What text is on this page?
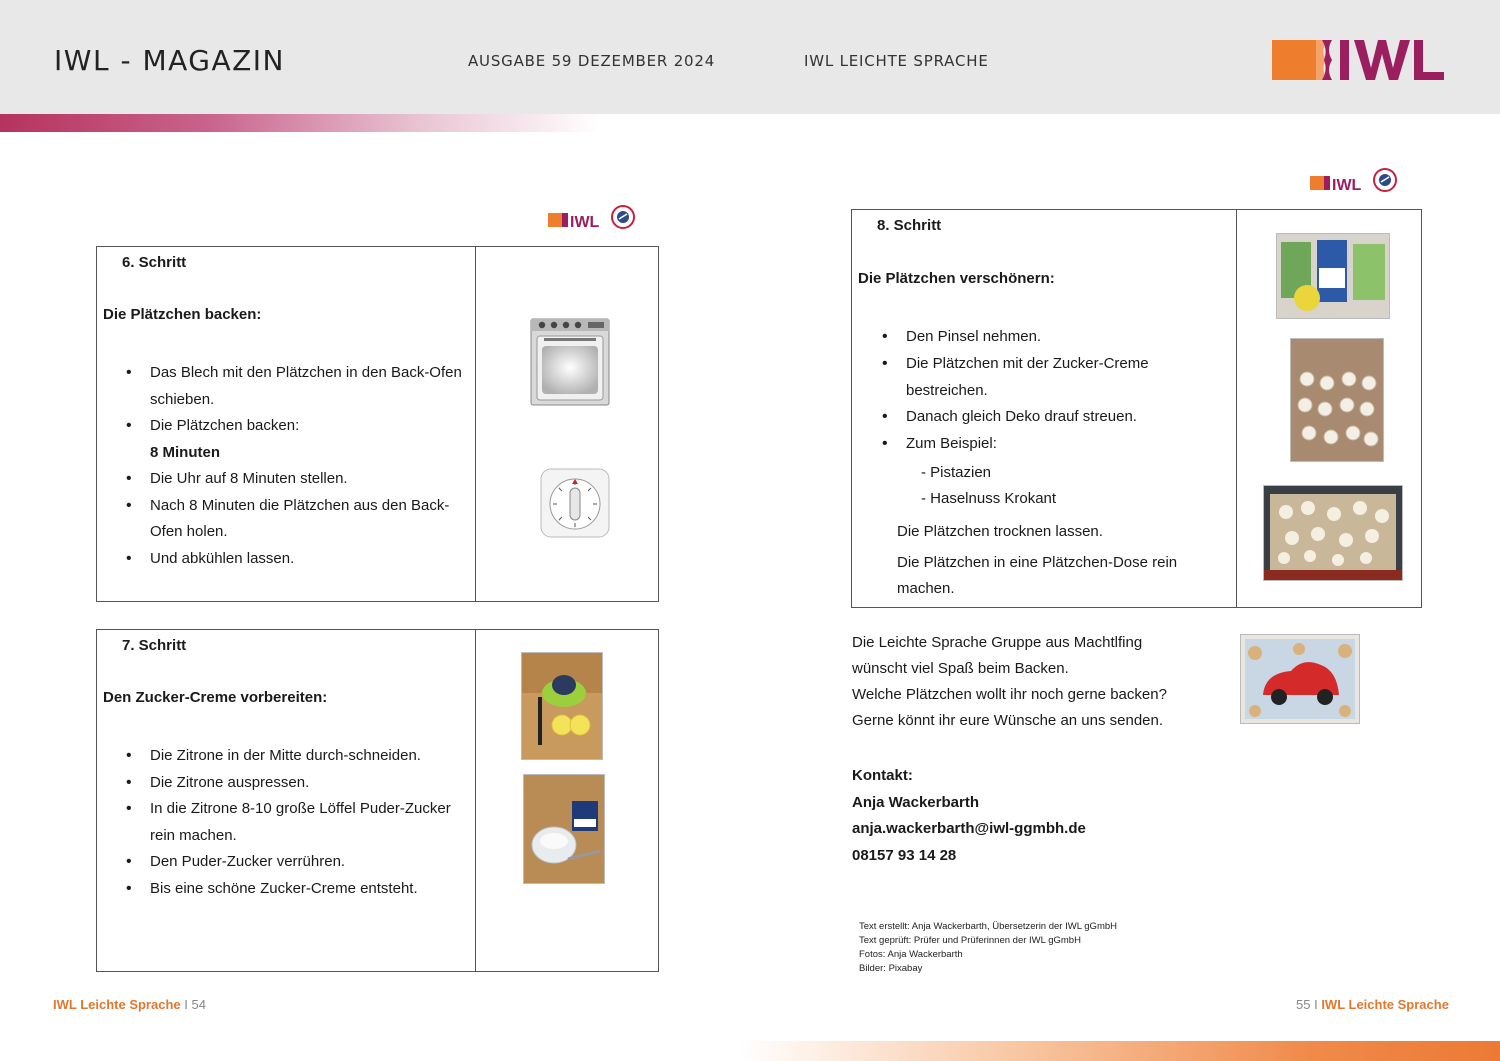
IWL - MAGAZIN	AUSGABE 59 DEZEMBER 2024	IWL LEICHTE SPRACHE
IWL
6. Schritt
Die Plätzchen backen:
• Das Blech mit den Plätzchen in den Back-Ofen
schieben.
• Die Plätzchen backen:
8 Minuten
• Die Uhr auf 8 Minuten stellen.
• Nach 8 Minuten die Plätzchen aus den Back-
Ofen holen.
• Und abkühlen lassen.
7. Schritt
Den Zucker-Creme vorbereiten:
• Die Zitrone in der Mitte durch-schneiden.
• Die Zitrone auspressen.
• In die Zitrone 8-10 große Löffel Puder-Zucker
rein machen.
• Den Puder-Zucker verrühren.
• Bis eine schöne Zucker-Creme entsteht.
IWL Leichte Sprache I 54
IWL
8. Schritt
Die Plätzchen verschönern:
• Den Pinsel nehmen.
• Die Plätzchen mit der Zucker-Creme
bestreichen.
• Danach gleich Deko drauf streuen.
• Zum Beispiel:
- Pistazien
- Haselnuss Krokant
Die Plätzchen trocknen lassen.
Die Plätzchen in eine Plätzchen-Dose rein
machen.
Die Leichte Sprache Gruppe aus Machtlfing
wünscht viel Spaß beim Backen.
Welche Plätzchen wollt ihr noch gerne backen?
Gerne könnt ihr eure Wünsche an uns senden.
Kontakt:
Anja Wackerbarth
anja.wackerbarth@iwl-ggmbh.de
08157 93 14 28
Text erstellt: Anja Wackerbarth, Übersetzerin der IWL gGmbH
Text geprüft: Prüfer und Prüferinnen der IWL gGmbH
Fotos: Anja Wackerbarth
Bilder: Pixabay
55 I IWL Leichte Sprache
